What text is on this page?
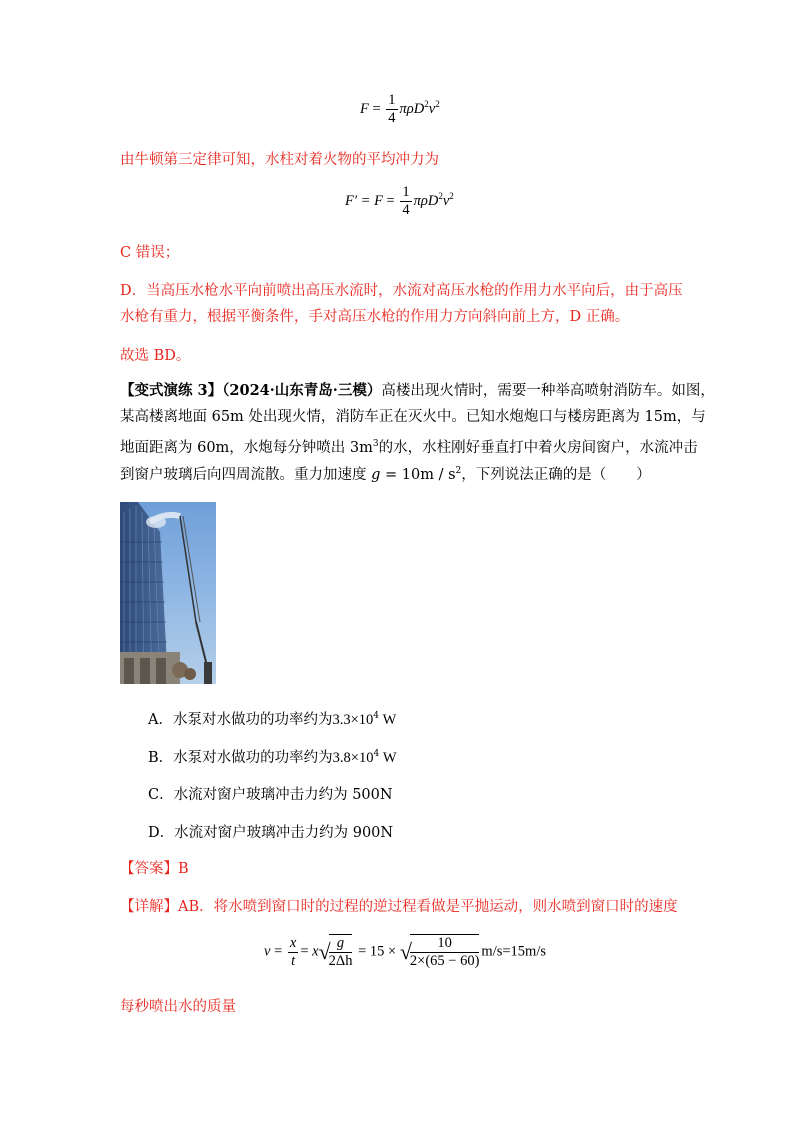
$F = \frac{1}{4} \pi\rho D^2v^2$
由牛顿第三定律可知，水柱对着火物的平均冲力为
$F' = F = \frac{1}{4} \pi\rho D^2v^2$
C 错误；
D．当高压水枪水平向前喷出高压水流时，水流对高压水枪的作用力水平向后，由于高压
水枪有重力，根据平衡条件，手对高压水枪的作用力方向斜向前上方，D 正确。
故选 BD。
【变式演练 3】（2024·山东青岛·三模）高楼出现火情时，需要一种举高喷射消防车。如图，
某高楼离地面 65m 处出现火情，消防车正在灭火中。已知水炮炮口与楼房距离为 15m，与
地面距离为 60m，水炮每分钟喷出 $3m^3$的水，水柱刚好垂直打中着火房间窗户，水流冲击
到窗户玻璃后向四周流散。重力加速度 $g = 10m / s^2$，下列说法正确的是（ ）
A．水泵对水做功的功率约为$3.3\times 10^4$ W
B．水泵对水做功的功率约为$3.8\times 10^4$ W
C．水流对窗户玻璃冲击力约为 500N
D．水流对窗户玻璃冲击力约为 900N
【答案】B
【详解】AB．将水喷到窗口时的过程的逆过程看做是平抛运动，则水喷到窗口时的速度
$v = \frac{x}{t} = x√$
$\frac{g}{2\Delta h} = 15$ × √
$\frac{10}{2\times(65 - 60)} m/s=15m/s$
每秒喷出水的质量
